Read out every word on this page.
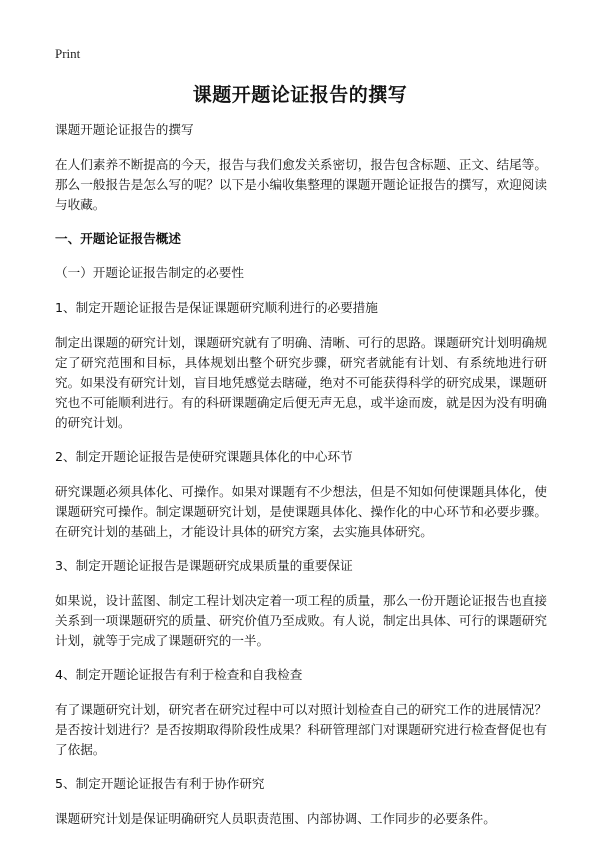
Print
课题开题论证报告的撰写

课题开题论证报告的撰写

在人们素养不断提高的今天，报告与我们愈发关系密切，报告包含标题、正文、结尾等。那么一般报告是怎么写的呢？以下是小编收集整理的课题开题论证报告的撰写，欢迎阅读与收藏。

一、开题论证报告概述

（一）开题论证报告制定的必要性

1、制定开题论证报告是保证课题研究顺利进行的必要措施

制定出课题的研究计划，课题研究就有了明确、清晰、可行的思路。课题研究计划明确规定了研究范围和目标，具体规划出整个研究步骤，研究者就能有计划、有系统地进行研究。如果没有研究计划，盲目地凭感觉去瞎碰，绝对不可能获得科学的研究成果，课题研究也不可能顺利进行。有的科研课题确定后便无声无息，或半途而废，就是因为没有明确的研究计划。

2、制定开题论证报告是使研究课题具体化的中心环节

研究课题必须具体化、可操作。如果对课题有不少想法，但是不知如何使课题具体化，使课题研究可操作。制定课题研究计划，是使课题具体化、操作化的中心环节和必要步骤。在研究计划的基础上，才能设计具体的研究方案，去实施具体研究。

3、制定开题论证报告是课题研究成果质量的重要保证

如果说，设计蓝图、制定工程计划决定着一项工程的质量，那么一份开题论证报告也直接关系到一项课题研究的质量、研究价值乃至成败。有人说，制定出具体、可行的课题研究计划，就等于完成了课题研究的一半。

4、制定开题论证报告有利于检查和自我检查

有了课题研究计划，研究者在研究过程中可以对照计划检查自己的研究工作的进展情况？是否按计划进行？是否按期取得阶段性成果？科研管理部门对课题研究进行检查督促也有了依据。

5、制定开题论证报告有利于协作研究

课题研究计划是保证明确研究人员职责范围、内部协调、工作同步的必要条件。
